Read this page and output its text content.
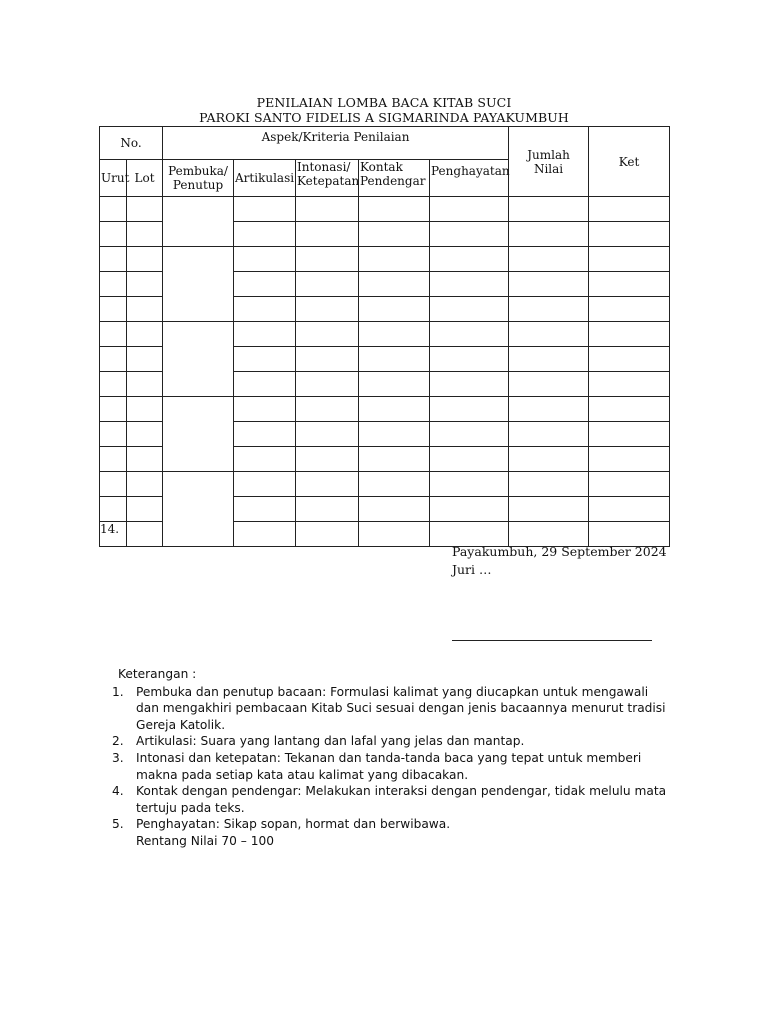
PENILAIAN LOMBA BACA KITAB SUCI
PAROKI SANTO FIDELIS A SIGMARINDA PAYAKUMBUH
No.		Aspek/Kriteria Penilaian					Jumlah Nilai	Ket
Urut	Lot	Pembuka/ Penutup	Artikulasi	Intonasi/ Ketepatan	Kontak Pendengar	Penghayatan		

14.								
Payakumbuh, 29 September 2024
Juri …
Keterangan :
1. Pembuka dan penutup bacaan: Formulasi kalimat yang diucapkan untuk mengawali dan mengakhiri pembacaan Kitab Suci sesuai dengan jenis bacaannya menurut tradisi Gereja Katolik.
2. Artikulasi: Suara yang lantang dan lafal yang jelas dan mantap.
3. Intonasi dan ketepatan: Tekanan dan tanda-tanda baca yang tepat untuk memberi makna pada setiap kata atau kalimat yang dibacakan.
4. Kontak dengan pendengar: Melakukan interaksi dengan pendengar, tidak melulu mata tertuju pada teks.
5. Penghayatan: Sikap sopan, hormat dan berwibawa.
Rentang Nilai 70 – 100
